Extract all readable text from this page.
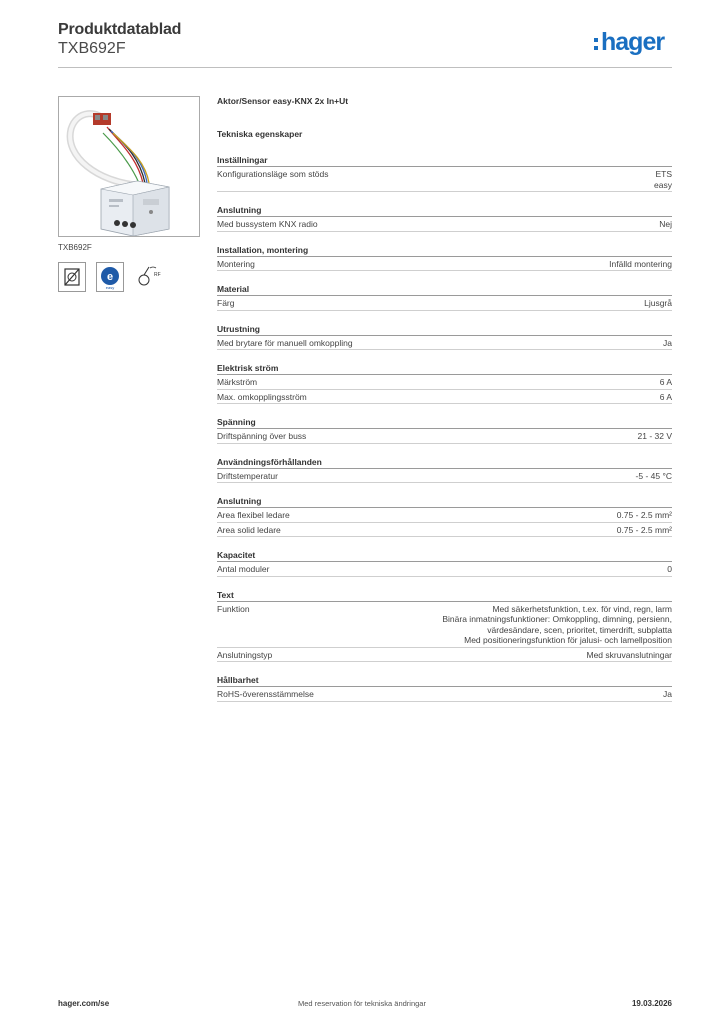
Produktdatablad
TXB692F	hager
TXB692F
e
easy
RF
Aktor/Sensor easy-KNX 2x In+Ut
Tekniska egenskaper
Inställningar
Konfigurationsläge som stöds	ETS
easy
Anslutning
Med bussystem KNX radio	Nej
Installation, montering
Montering	Infälld montering
Material
Färg	Ljusgrå
Utrustning
Med brytare för manuell omkoppling	Ja
Elektrisk ström
Märkström	6 A
Max. omkopplingsström	6 A
Spänning
Driftspänning över buss	21 - 32 V
Användningsförhållanden
Driftstemperatur	-5 - 45 °C
Anslutning
Area flexibel ledare	0.75 - 2.5 mm²
Area solid ledare	0.75 - 2.5 mm²
Kapacitet
Antal moduler	0
Text
Funktion	Med säkerhetsfunktion, t.ex. för vind, regn, larm
Binära inmatningsfunktioner: Omkoppling, dimning, persienn,
värdesändare, scen, prioritet, timerdrift, subplatta
Med positioneringsfunktion för jalusi- och lamellposition
Anslutningstyp	Med skruvanslutningar
Hållbarhet
RoHS-överensstämmelse	Ja
hager.com/se	Med reservation för tekniska ändringar	19.03.2026
